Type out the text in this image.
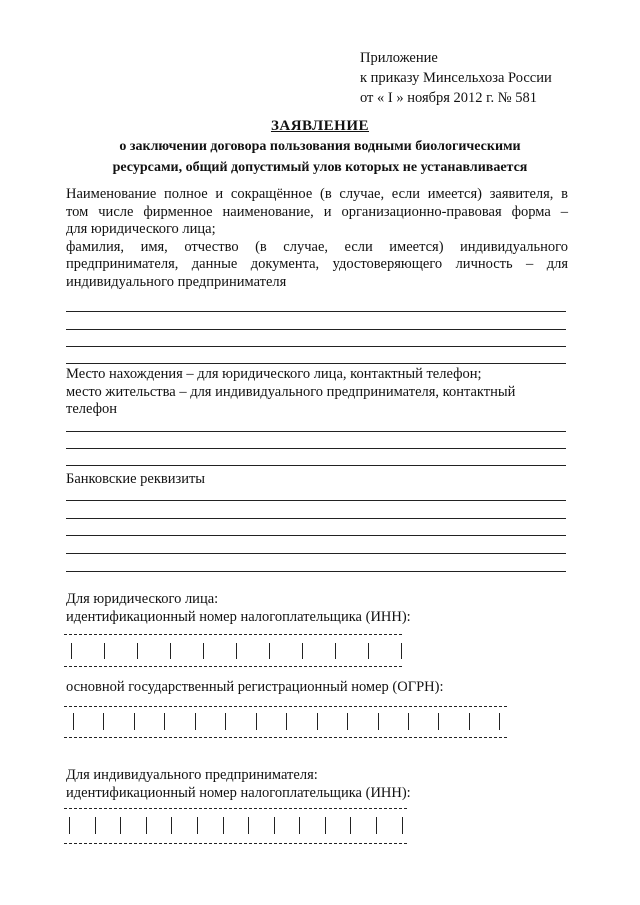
Приложение
к приказу Минсельхоза России
от « I » ноября 2012 г. № 581
ЗАЯВЛЕНИЕ
о заключении договора пользования водными биологическими
ресурсами, общий допустимый улов которых не устанавливается
Наименование полное и сокращённое (в случае, если имеется) заявителя, в
том числе фирменное наименование, и организационно-правовая форма –
для юридического лица;
фамилия, имя, отчество (в случае, если имеется) индивидуального
предпринимателя, данные документа, удостоверяющего личность – для
индивидуального предпринимателя
Место нахождения – для юридического лица, контактный телефон;
место жительства – для индивидуального предпринимателя, контактный
телефон
Банковские реквизиты
Для юридического лица:
идентификационный номер налогоплательщика (ИНН):
основной государственный регистрационный номер (ОГРН):
Для индивидуального предпринимателя:
идентификационный номер налогоплательщика (ИНН):
